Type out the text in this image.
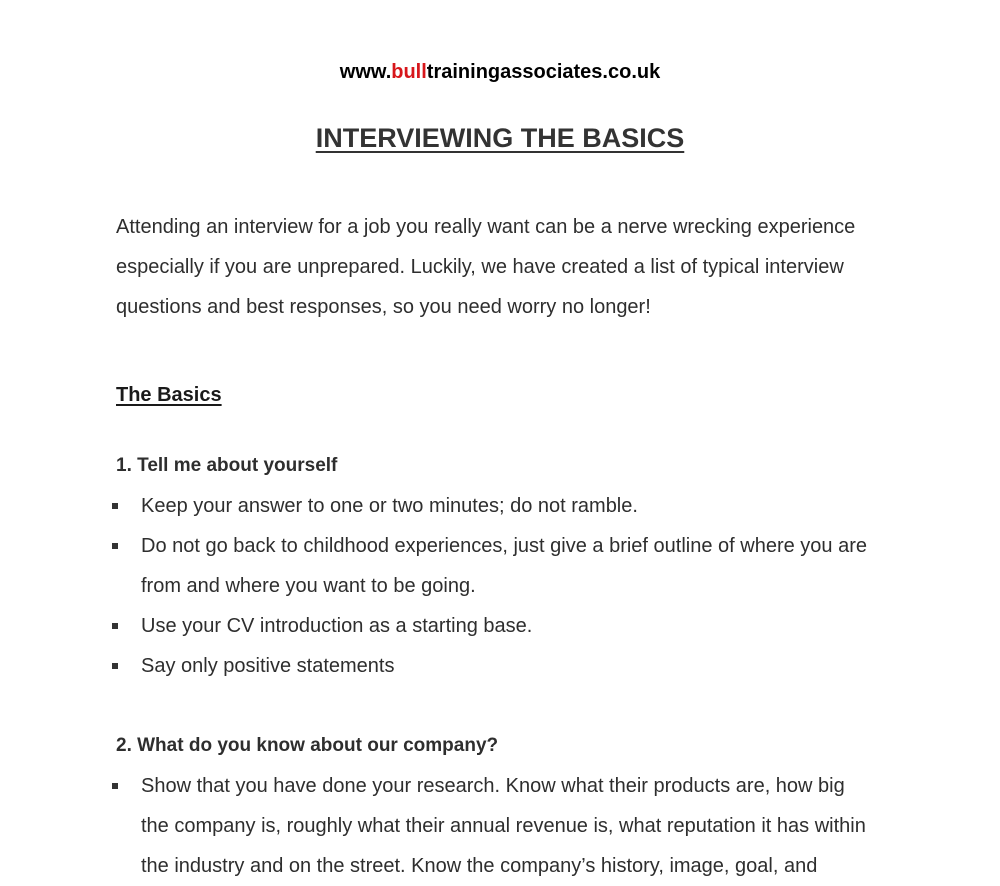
www.bulltrainingassociates.co.uk
INTERVIEWING THE BASICS

Attending an interview for a job you really want can be a nerve wrecking experience
especially if you are unprepared. Luckily, we have created a list of typical interview
questions and best responses, so you need worry no longer!

The Basics
1. Tell me about yourself
Keep your answer to one or two minutes; do not ramble.
Do not go back to childhood experiences, just give a brief outline of where you are
from and where you want to be going.
Use your CV introduction as a starting base.
Say only positive statements
2. What do you know about our company?
Show that you have done your research. Know what their products are, how big
the company is, roughly what their annual revenue is, what reputation it has within
the industry and on the street. Know the company’s history, image, goal, and
